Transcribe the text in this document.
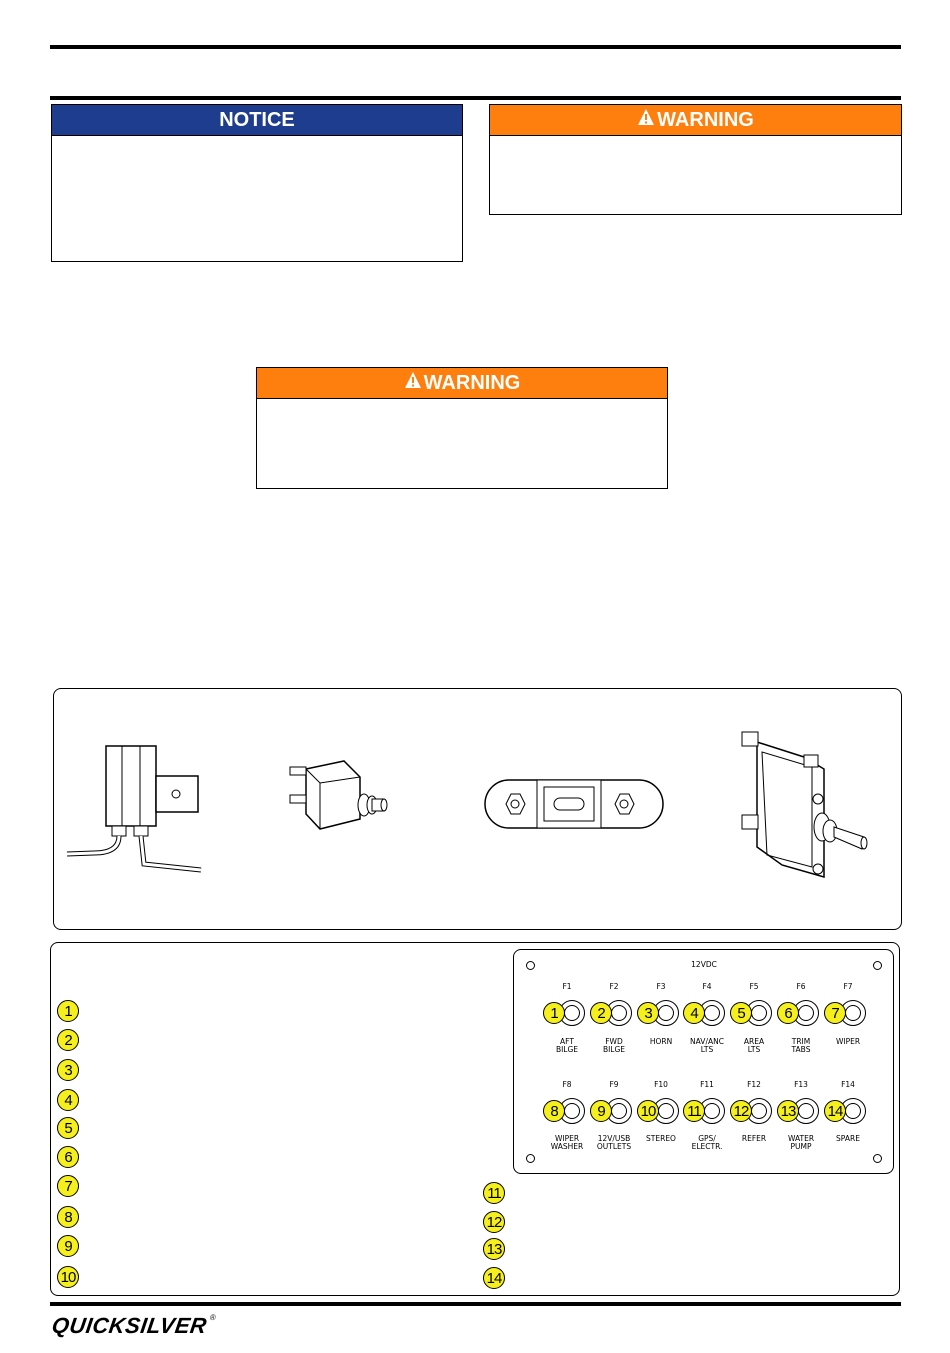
NOTICE	WARNING
WARNING
1
2
3
4
5
6
7
8
9
10
11
12
13
14
12VDC
F1
1
AFT
BILGE
F2
2
FWD
BILGE
F3
3
HORN
F4
4
NAV/ANC
LTS
F5
5
AREA
LTS
F6
6
TRIM
TABS
F7
7
WIPER
F8
8
WIPER
WASHER
F9
9
12V/USB
OUTLETS
F10
10
STEREO
F11
11
GPS/
ELECTR.
F12
12
REFER
F13
13
WATER
PUMP
F14
14
SPARE
QUICKSILVER®
